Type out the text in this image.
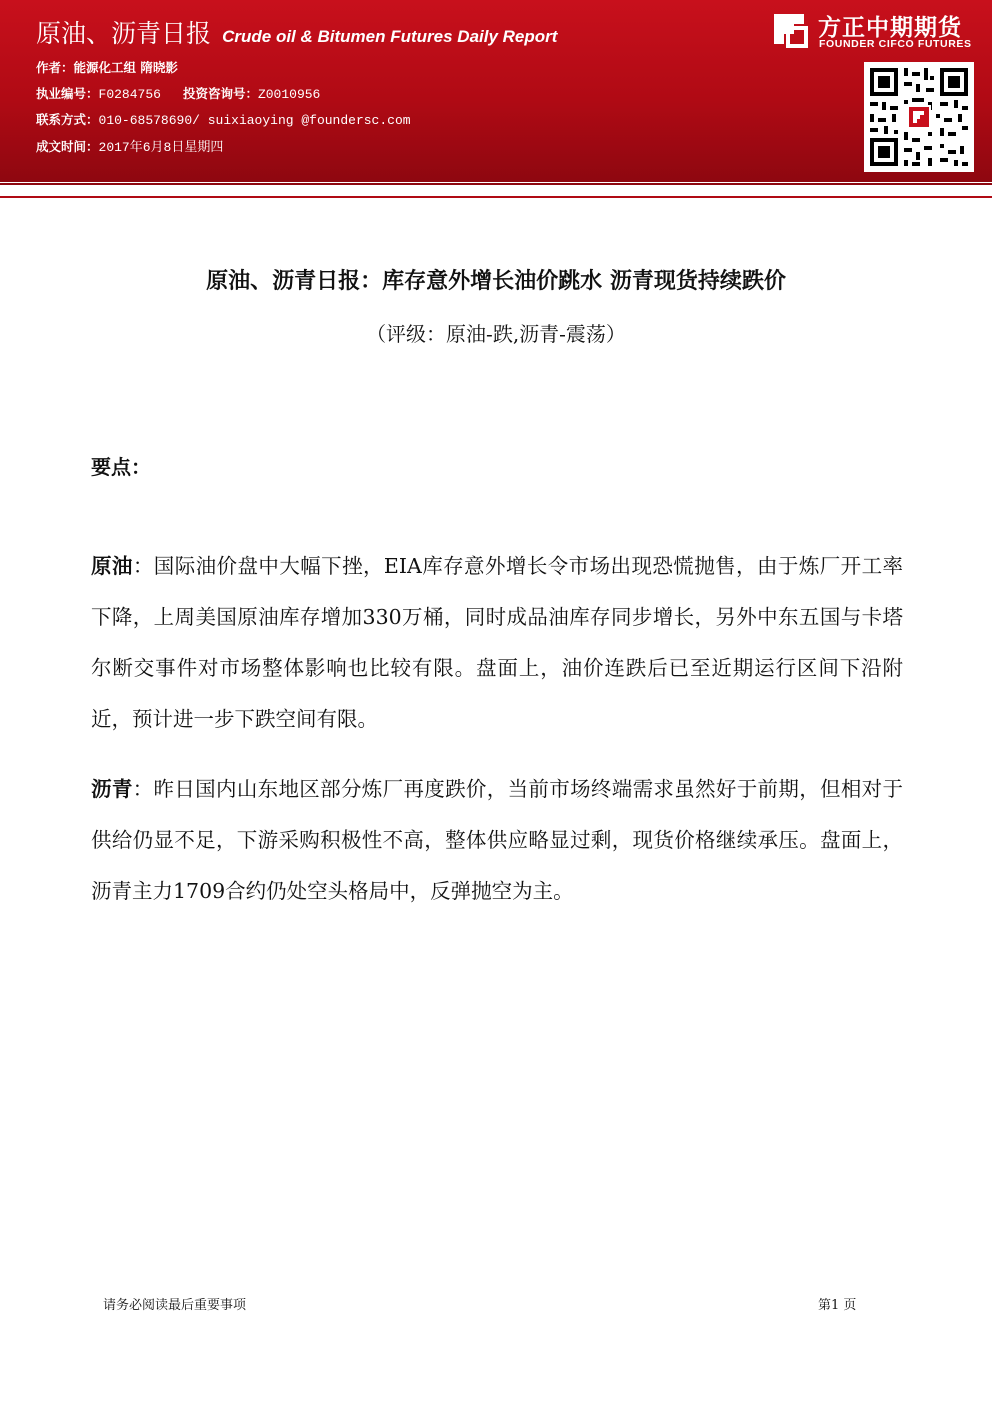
原油、沥青日报 Crude oil & Bitumen Futures Daily Report
作者：能源化工组 隋晓影
执业编号：F0284756 投资咨询号：Z0010956
联系方式：010-68578690/ suixiaoying @foundersc.com
成文时间：2017年6月8日星期四
方正中期期货
FOUNDER CIFCO FUTURES
原油、沥青日报：库存意外增长油价跳水 沥青现货持续跌价
（评级：原油-跌,沥青-震荡）
要点：
原油：国际油价盘中大幅下挫，EIA库存意外增长令市场出现恐慌抛售，由于炼厂开工率下降，上周美国原油库存增加330万桶，同时成品油库存同步增长，另外中东五国与卡塔尔断交事件对市场整体影响也比较有限。盘面上，油价连跌后已至近期运行区间下沿附近，预计进一步下跌空间有限。
沥青：昨日国内山东地区部分炼厂再度跌价，当前市场终端需求虽然好于前期，但相对于供给仍显不足，下游采购积极性不高，整体供应略显过剩，现货价格继续承压。盘面上，沥青主力1709合约仍处空头格局中，反弹抛空为主。
请务必阅读最后重要事项	第1 页
